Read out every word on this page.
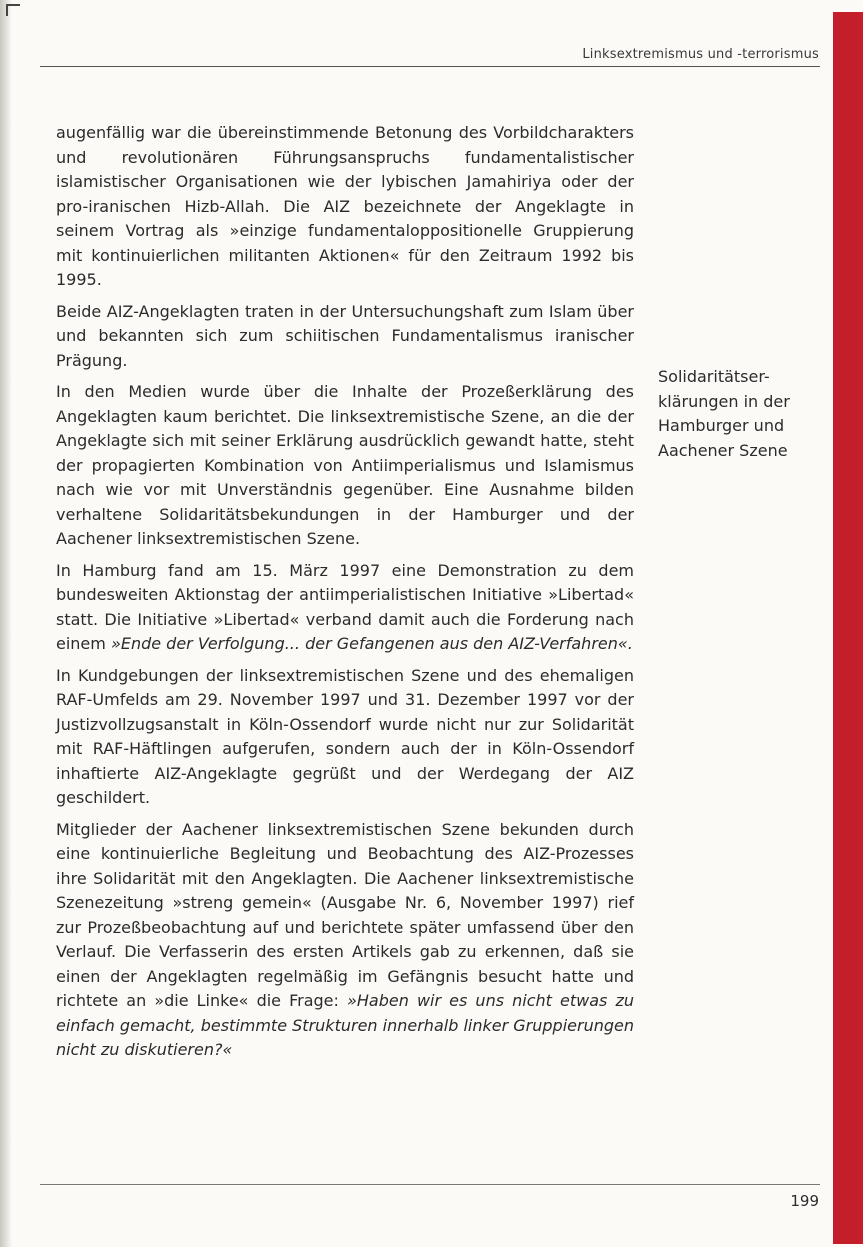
Linksextremismus und -terrorismus

augenfällig war die übereinstimmende Betonung des Vorbildcharakters und revolutionären Führungsanspruchs fundamentalistischer islamistischer Organisationen wie der lybischen Jamahiriya oder der pro-iranischen Hizb-Allah. Die AIZ bezeichnete der Angeklagte in seinem Vortrag als »einzige fundamentaloppositionelle Gruppierung mit kontinuierlichen militanten Aktionen« für den Zeitraum 1992 bis 1995.

Beide AIZ-Angeklagten traten in der Untersuchungshaft zum Islam über und bekannten sich zum schiitischen Fundamentalismus iranischer Prägung.

In den Medien wurde über die Inhalte der Prozeßerklärung des Angeklagten kaum berichtet. Die linksextremistische Szene, an die der Angeklagte sich mit seiner Erklärung ausdrücklich gewandt hatte, steht der propagierten Kombination von Antiimperialismus und Islamismus nach wie vor mit Unverständnis gegenüber. Eine Ausnahme bilden verhaltene Solidaritätsbekundungen in der Hamburger und der Aachener linksextremistischen Szene.

In Hamburg fand am 15. März 1997 eine Demonstration zu dem bundesweiten Aktionstag der antiimperialistischen Initiative »Libertad« statt. Die Initiative »Libertad« verband damit auch die Forderung nach einem »Ende der Verfolgung... der Gefangenen aus den AIZ-Verfahren«.

In Kundgebungen der linksextremistischen Szene und des ehemaligen RAF-Umfelds am 29. November 1997 und 31. Dezember 1997 vor der Justizvollzugsanstalt in Köln-Ossendorf wurde nicht nur zur Solidarität mit RAF-Häftlingen aufgerufen, sondern auch der in Köln-Ossendorf inhaftierte AIZ-Angeklagte gegrüßt und der Werdegang der AIZ geschildert.

Mitglieder der Aachener linksextremistischen Szene bekunden durch eine kontinuierliche Begleitung und Beobachtung des AIZ-Prozesses ihre Solidarität mit den Angeklagten. Die Aachener linksextremistische Szenezeitung »streng gemein« (Ausgabe Nr. 6, November 1997) rief zur Prozeßbeobachtung auf und berichtete später umfassend über den Verlauf. Die Verfasserin des ersten Artikels gab zu erkennen, daß sie einen der Angeklagten regelmäßig im Gefängnis besucht hatte und richtete an »die Linke« die Frage: »Haben wir es uns nicht etwas zu einfach gemacht, bestimmte Strukturen innerhalb linker Gruppierungen nicht zu diskutieren?«

Solidaritätser-
klärungen in der
Hamburger und
Aachener Szene
199
